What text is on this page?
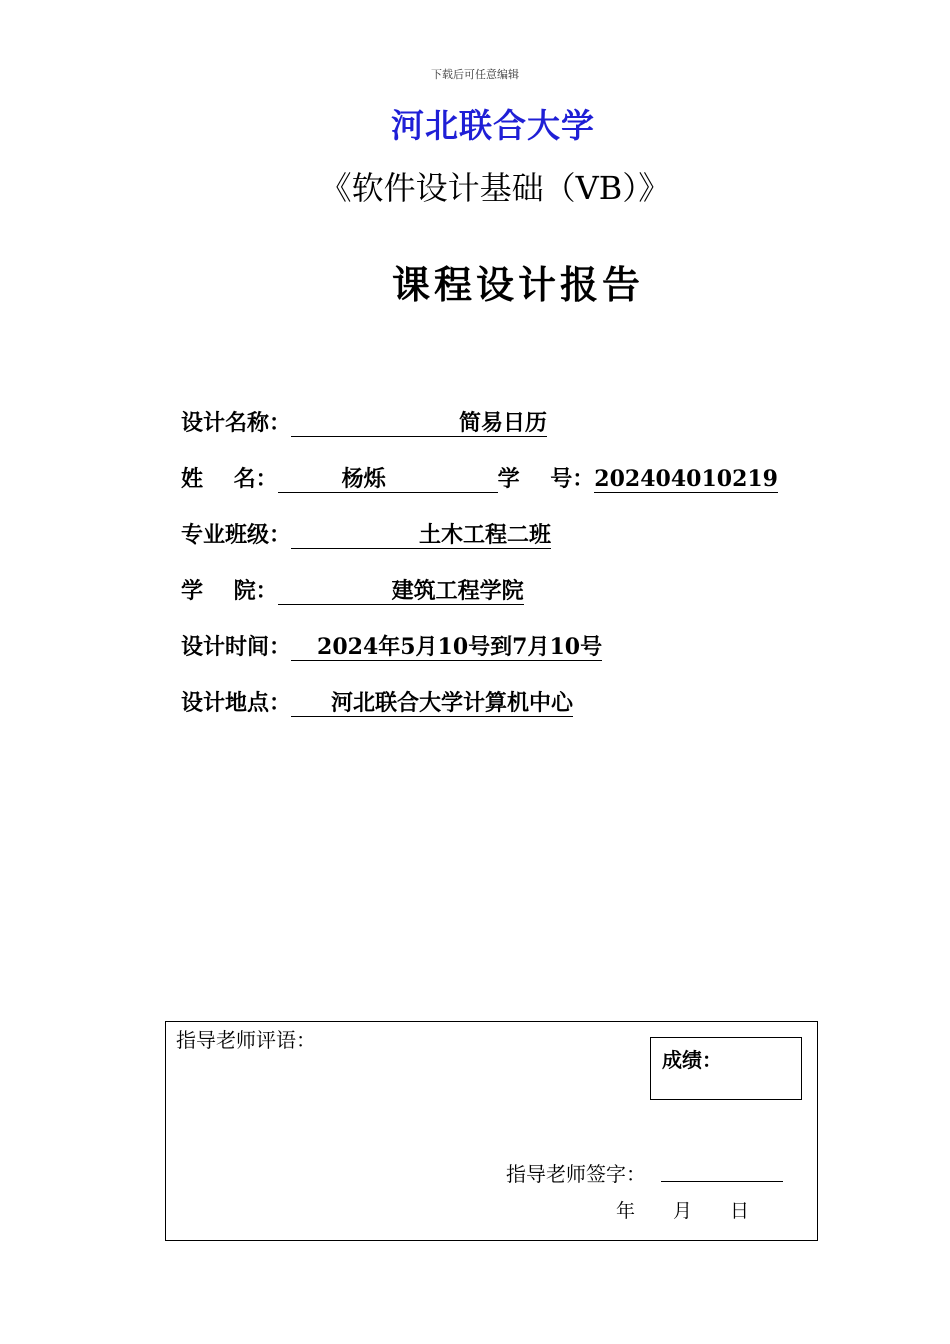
下载后可任意编辑
河北联合大学
《软件设计基础（VB）》
课程设计报告
设计名称：	简易日历
姓    名：	杨烁	学    号：202404010219
专业班级：	土木工程二班
学    院：	建筑工程学院
设计时间： 2024年5月10号到7月10号
设计地点： 河北联合大学计算机中心
指导老师评语：
成绩：
指导老师签字：
年 月 日
